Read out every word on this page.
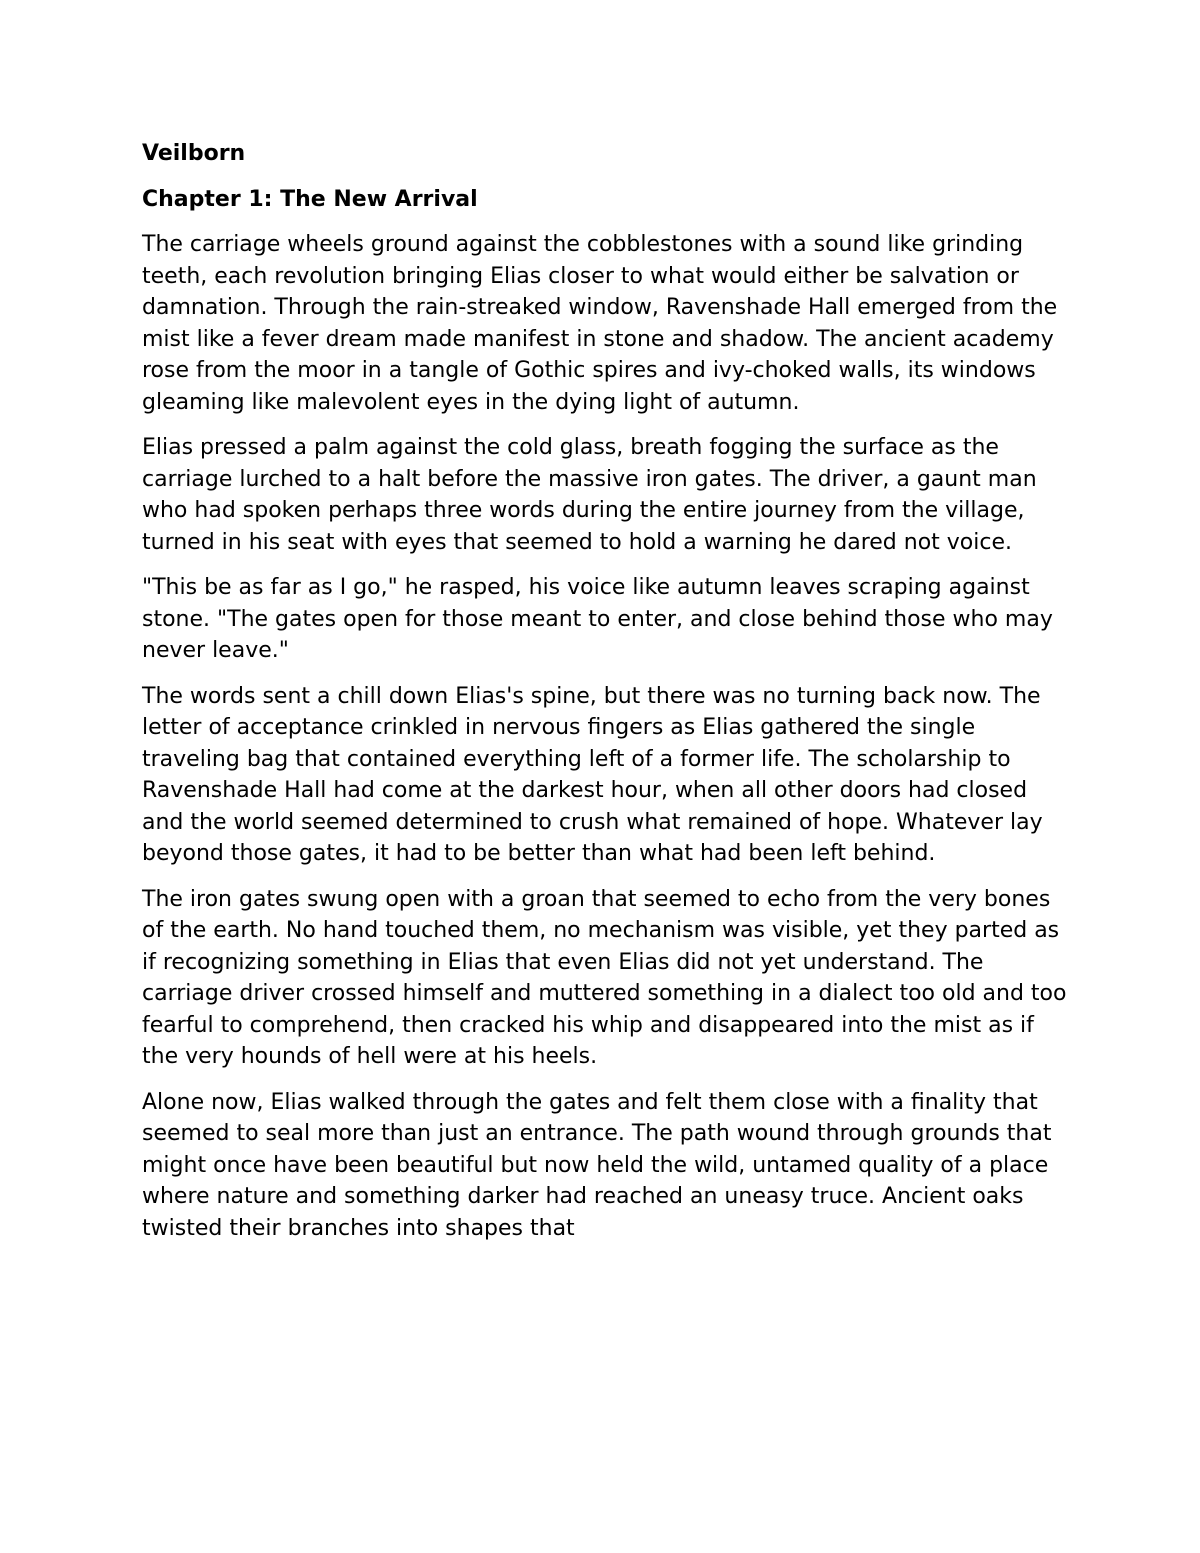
Veilborn

Chapter 1: The New Arrival

The carriage wheels ground against the cobblestones with a sound like grinding teeth, each revolution bringing Elias closer to what would either be salvation or damnation. Through the rain-streaked window, Ravenshade Hall emerged from the mist like a fever dream made manifest in stone and shadow. The ancient academy rose from the moor in a tangle of Gothic spires and ivy-choked walls, its windows gleaming like malevolent eyes in the dying light of autumn.

Elias pressed a palm against the cold glass, breath fogging the surface as the carriage lurched to a halt before the massive iron gates. The driver, a gaunt man who had spoken perhaps three words during the entire journey from the village, turned in his seat with eyes that seemed to hold a warning he dared not voice.

"This be as far as I go," he rasped, his voice like autumn leaves scraping against stone. "The gates open for those meant to enter, and close behind those who may never leave."

The words sent a chill down Elias's spine, but there was no turning back now. The letter of acceptance crinkled in nervous fingers as Elias gathered the single traveling bag that contained everything left of a former life. The scholarship to Ravenshade Hall had come at the darkest hour, when all other doors had closed and the world seemed determined to crush what remained of hope. Whatever lay beyond those gates, it had to be better than what had been left behind.

The iron gates swung open with a groan that seemed to echo from the very bones of the earth. No hand touched them, no mechanism was visible, yet they parted as if recognizing something in Elias that even Elias did not yet understand. The carriage driver crossed himself and muttered something in a dialect too old and too fearful to comprehend, then cracked his whip and disappeared into the mist as if the very hounds of hell were at his heels.

Alone now, Elias walked through the gates and felt them close with a finality that seemed to seal more than just an entrance. The path wound through grounds that might once have been beautiful but now held the wild, untamed quality of a place where nature and something darker had reached an uneasy truce. Ancient oaks twisted their branches into shapes that
